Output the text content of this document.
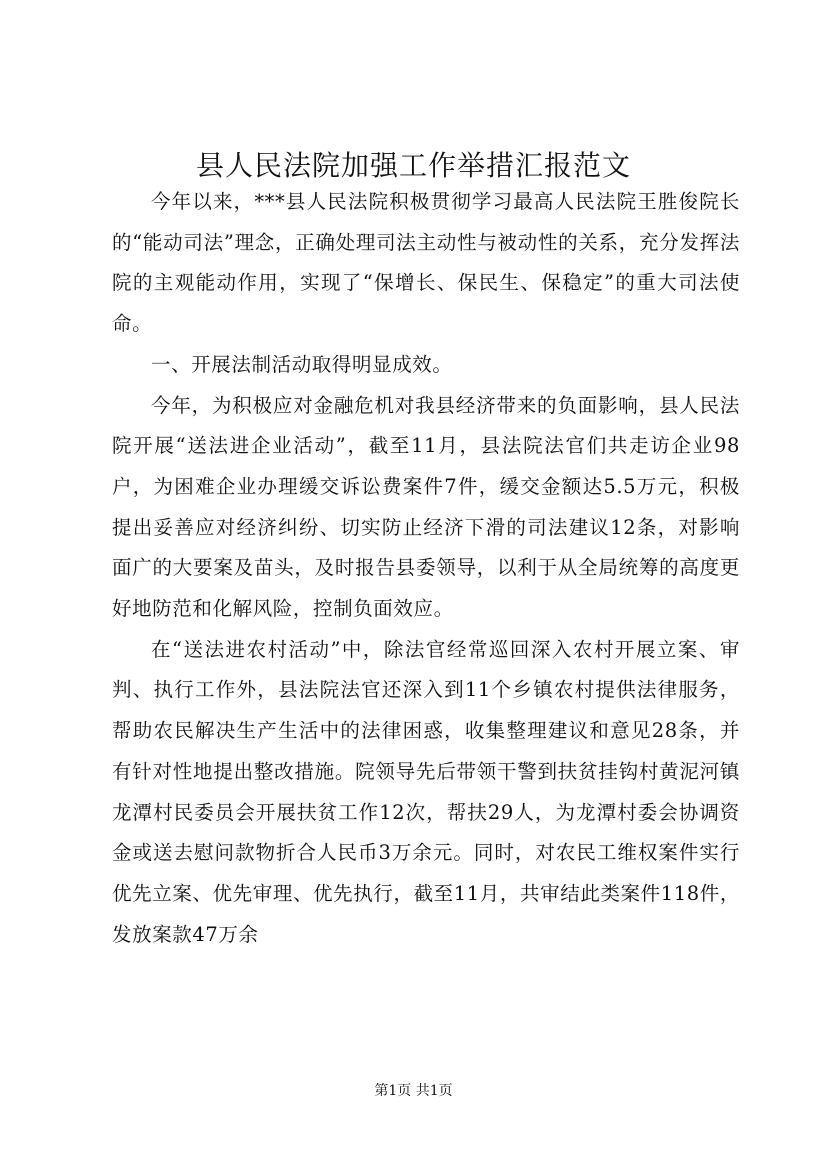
县人民法院加强工作举措汇报范文

今年以来，***县人民法院积极贯彻学习最高人民法院王胜俊院长的“能动司法”理念，正确处理司法主动性与被动性的关系，充分发挥法院的主观能动作用，实现了“保增长、保民生、保稳定”的重大司法使命。

一、开展法制活动取得明显成效。

今年，为积极应对金融危机对我县经济带来的负面影响，县人民法院开展“送法进企业活动”，截至11月，县法院法官们共走访企业98户，为困难企业办理缓交诉讼费案件7件，缓交金额达5.5万元，积极提出妥善应对经济纠纷、切实防止经济下滑的司法建议12条，对影响面广的大要案及苗头，及时报告县委领导，以利于从全局统筹的高度更好地防范和化解风险，控制负面效应。

在“送法进农村活动”中，除法官经常巡回深入农村开展立案、审判、执行工作外，县法院法官还深入到11个乡镇农村提供法律服务，帮助农民解决生产生活中的法律困惑，收集整理建议和意见28条，并有针对性地提出整改措施。院领导先后带领干警到扶贫挂钩村黄泥河镇龙潭村民委员会开展扶贫工作12次，帮扶29人，为龙潭村委会协调资金或送去慰问款物折合人民币3万余元。同时，对农民工维权案件实行优先立案、优先审理、优先执行，截至11月，共审结此类案件118件，发放案款47万余

第1页 共1页
